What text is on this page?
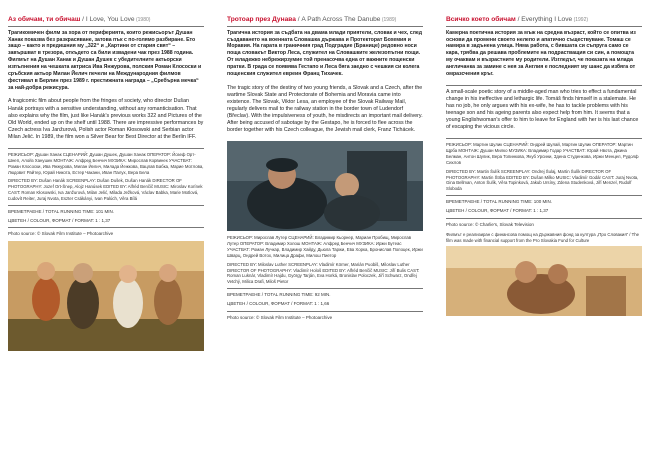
Аз обичам, ти обичаш / I Love, You Love (1980)

Трагикомичен филм за хора от периферията, които режисьорът Душан Ханак показва без разкрасяване, затова пък с по-голямо разбиране. Ето защо – както и предишния му „322“ и „Картини от стария свят“ – завършват в трезора, откъдето са били извадени чак през 1988 година. Филмът на Душан Ханак и Душан Душек с убедителните актьорски изпълнения на чешката актриса Ива Янжурова, полския Роман Клососки и сръбския актьор Милан Йелич печели на Международния филмов фестивал в Берлин през 1989 г. престижната награда – „Сребърна мечка“ за най-добра режисура.

A tragicomic film about people from the fringes of society, who director Dušan Hanák portrays with a sensitive understanding, without any romanticisation. That also explains why the film, just like Hanák's previous works 322 and Pictures of the Old World, ended up on the shelf until 1988. There are impressive performances by Czech actress Iva Janžurová, Polish actor Roman Kłosowski and Serbian actor Milan Jelić. In 1989, the film won a Silver Bear for Best Director at the Berlin IFF.

РЕЖИСЬОР: Душан Ханак СЦЕНАРИЙ: Душан Душек, Душан Ханак ОПЕРАТОР: Йозеф Орт-Шнеп, Алойз Ханушек МОНТАЖ: Алфред Бенчич МУЗИКА: Мирослав Корвинек УЧАСТВАТ: Роман Клососки, Ива Янжурова, Милан Йелич, Милада Йежкова, Вацлав Бабка, Мариe Мотлова, Людовит Райтер, Юрай Никота, Естер Чакани, Иван Палух, Вера Бела

DIRECTED BY: Dušan Hanák SCREENPLAY: Dušan Dušek, Dušan Hanák DIRECTOR OF PHOTOGRAPHY: Jozef Ort-Šnep, Alojz Hanúsek EDITED BY: Alfréd Benčič MUSIC: Miroslav Korínek CAST: Roman Kłosowski, Iva Janžurová, Milan Jelić, Milada Ježková, Václav Babka, Marie Motlová, Ľudovít Reiter, Juraj Nvota, Eszter Csákányi, Ivan Palúch, Věra Bílá

ВРЕМЕТРАЕНЕ / TOTAL RUNNING TIME: 101 MIN.

ЦВЕТЕН / COLOUR, ФОРМАТ / FORMAT: 1 : 1,37

Photo source: © Slovak Film Institute – Photoarchive

Тротоар през Дунава / A Path Across The Danube (1989)

Трагична история за съдбата на двама млади приятели, словак и чех, след създаването на военната Словашка държава и Протекторат Бохемия и Моравия. На гарата в граничния град Подградие (Бранице) редовно носи поща словакът Виктор Леса, служител на Словашките железопътни пощи. От младежко небрежирзумие той пренасочва една от важните пощенски пратки. В града се появява Гестапо и Леса бяга заедно с чешкия си колега пощенския служител евреин Франц Тихачек.

The tragic story of the destiny of two young friends, a Slovak and a Czech, after the wartime Slovak State and Protectorate of Bohemia and Moravia came into existence. The Slovak, Viktor Lesa, an employee of the Slovak Railway Mail, regularly delivers mail to the railway station in the border town of Ludendorf (Břeclav). With the impulsiveness of youth, he misdirects an important mail delivery. After being accused of sabotage by the Gestapo, he is forced to flee across the border together with his Czech colleague, the Jewish mail clerk, Franz Tichácek.

РЕЖИСЬОР: Мирослав Лутер СЦЕНАРИЙ: Владимир Кьорнер, Мариан Пробищ, Мирослав Лутер ОПЕРАТОР: Владимир Холош МОНТАЖ: Алфред Бенчич МУЗИКА: Иржи Бутеас УЧАСТВАТ: Роман Лучкар, Владимир Хайду, Дьюла Таржи, Ева Хорка, Бронислав Полоцек, Иржи Шварц, Ондрей Вотох, Милица Драфи, Милош Пиетор

DIRECTED BY: Miloslav Luther SCREENPLAY: Vladimír Körner, Marián Puobiš, Miloslav Luther DIRECTOR OF PHOTOGRAPHY: Vladimír Hološ EDITED BY: Alfréd Benčič MUSIC: Jiří Bulis CAST: Roman Luknár, Vladimír Hajdu, György Tarján, Eva Horká, Bronislav Poloczek, Jiří Schwarz, Ondřej Vetchý, Milica Drafi, Miloš Pietor

ВРЕМЕТРАЕНЕ / TOTAL RUNNING TIME: 92 MIN.

ЦВЕТЕН / COLOUR, ФОРМАТ / FORMAT: 1 : 1,66

Photo source: © Slovak Film Institute – Photoarchive

Всичко което обичам / Everything I Love (1992)

Камерна поетична история за мъж на средна възраст, който се опитва из основи да промени своето нелепо и апатично съществуване. Томаш се намира в задънена улица. Няма работа, с бившата си съпруга само се кара, трябва да решава проблемите на подрастващия си син, а помощта му очаквам и възрастните му родители. Изгледът, че показата на млада англичанка за замине с нея за Англия е последният му шанс да избяга от омразсчения кръг.

A small-scale poetic story of a middle-aged man who tries to effect a fundamental change in his ineffective and lethargic life. Tomáš finds himself in a stalemate. He has no job, he only argues with his ex-wife, he has to tackle problems with his teenage son and his ageing parents also expect help from him. It seems that a young Englishwoman's offer to him to leave for England with her is his last chance of escaping the vicious circle.

РЕЖИСЬОР: Мартин Шулик СЦЕНАРИЙ: Ондрей Шулай, Мартин Шулик ОПЕРАТОР: Мартин Щрба МОНТАЖ: Душан Милко МУЗИКА: Владимир Годар УЧАСТВАТ: Юрай Нвота, Джина Белман, Антон Шулик, Вера Топинкова, Якуб Урсини, Здена Студенкова, Иржи Менцел, Рудолф Сихлов

DIRECTED BY: Martin Šulík SCREENPLAY: Ondrej Šulaj, Martin Šulík DIRECTOR OF PHOTOGRAPHY: Martin Štrba EDITED BY: Dušan Milko MUSIC: Vladimír Godár CAST: Juraj Nvota, Gina Bellman, Anton Šulík, Věra Topinková, Jakub Ursíny, Zdena Studenková, Jiří Menzel, Rudolf Sloboda

ВРЕМЕТРАЕНЕ / TOTAL RUNNING TIME: 100 MIN.

ЦВЕТЕН / COLOUR, ФОРМАТ / FORMAT: 1 : 1,37

Photo source: © Charlie's, Slovak Television

Филмът е реализиран с финансова помощ на Държавния фонд за култура „Про Словакия“ / The film was made with financial support from the Pro Slovakia Fund for Culture
